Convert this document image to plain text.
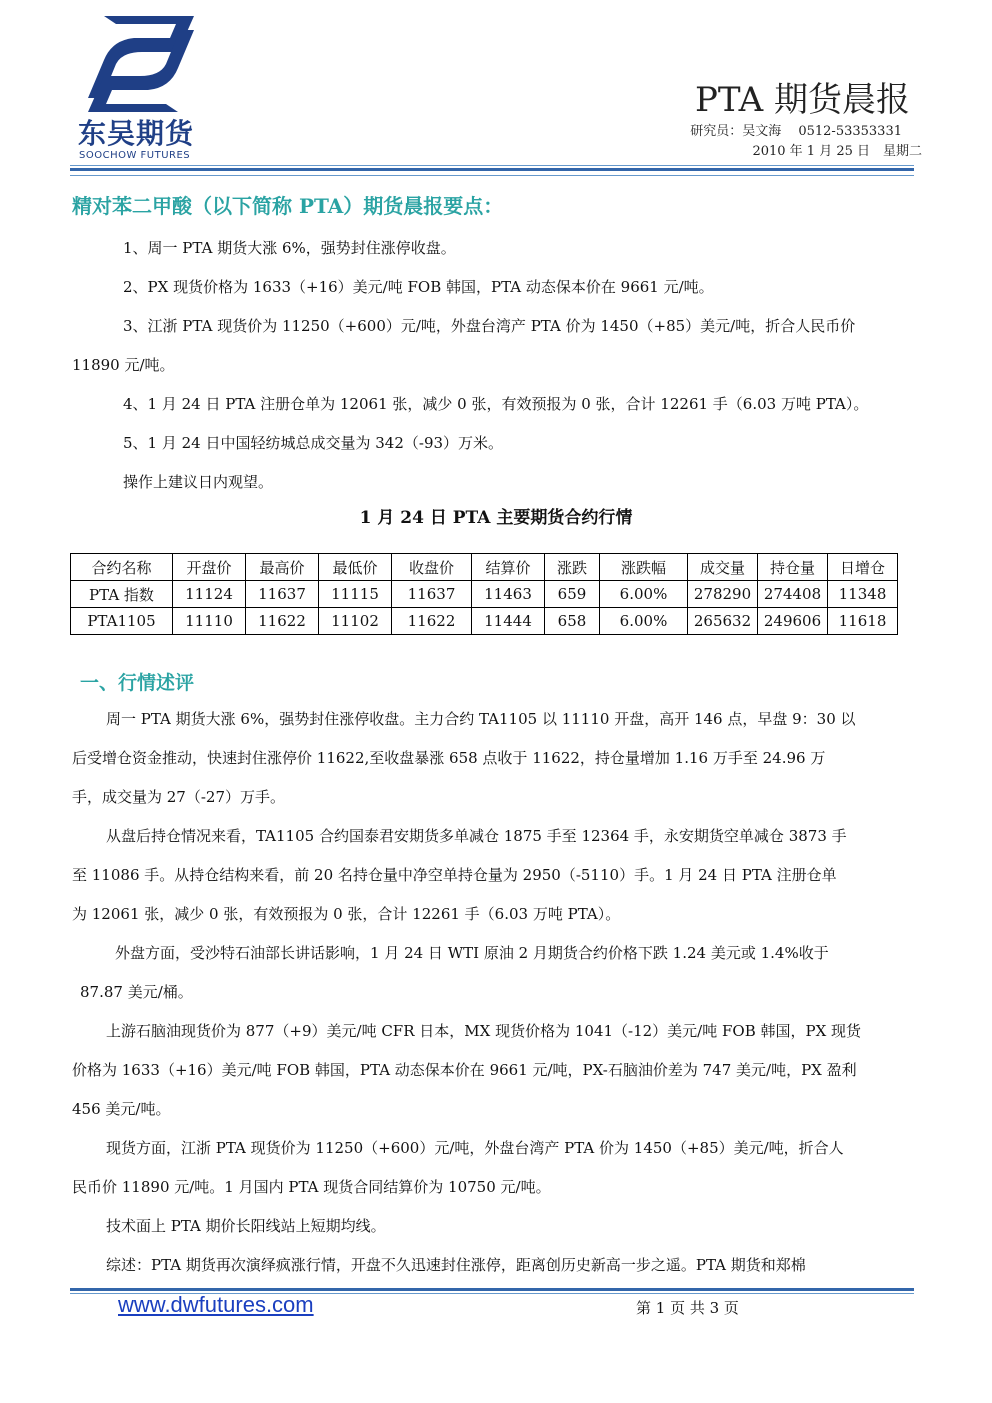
东吴期货
SOOCHOW FUTURES
PTA 期货晨报
研究员：吴文海　 0512-53353331
2010 年 1 月 25 日　星期二
精对苯二甲酸（以下简称 PTA）期货晨报要点：
1、周一 PTA 期货大涨 6%，强势封住涨停收盘。
2、PX 现货价格为 1633（+16）美元/吨 FOB 韩国，PTA 动态保本价在 9661 元/吨。
3、江浙 PTA 现货价为 11250（+600）元/吨，外盘台湾产 PTA 价为 1450（+85）美元/吨，折合人民币价
11890 元/吨。
4、1 月 24 日 PTA 注册仓单为 12061 张，减少 0 张，有效预报为 0 张，合计 12261 手（6.03 万吨 PTA）。
5、1 月 24 日中国轻纺城总成交量为 342（-93）万米。
操作上建议日内观望。
1 月 24 日 PTA 主要期货合约行情
合约名称	开盘价	最高价	最低价	收盘价	结算价	涨跌	涨跌幅	成交量	持仓量	日增仓
PTA 指数	11124	11637	11115	11637	11463	659	6.00%	278290	274408	11348
PTA1105	11110	11622	11102	11622	11444	658	6.00%	265632	249606	11618
一、行情述评
周一 PTA 期货大涨 6%，强势封住涨停收盘。主力合约 TA1105 以 11110 开盘，高开 146 点，早盘 9：30 以
后受增仓资金推动，快速封住涨停价 11622,至收盘暴涨 658 点收于 11622，持仓量增加 1.16 万手至 24.96 万
手，成交量为 27（-27）万手。
从盘后持仓情况来看，TA1105 合约国泰君安期货多单减仓 1875 手至 12364 手，永安期货空单减仓 3873 手
至 11086 手。从持仓结构来看，前 20 名持仓量中净空单持仓量为 2950（-5110）手。1 月 24 日 PTA 注册仓单
为 12061 张，减少 0 张，有效预报为 0 张，合计 12261 手（6.03 万吨 PTA）。
外盘方面，受沙特石油部长讲话影响，1 月 24 日 WTI 原油 2 月期货合约价格下跌 1.24 美元或 1.4%收于
87.87 美元/桶。
上游石脑油现货价为 877（+9）美元/吨 CFR 日本，MX 现货价格为 1041（-12）美元/吨 FOB 韩国，PX 现货
价格为 1633（+16）美元/吨 FOB 韩国，PTA 动态保本价在 9661 元/吨，PX-石脑油价差为 747 美元/吨，PX 盈利
456 美元/吨。
现货方面，江浙 PTA 现货价为 11250（+600）元/吨，外盘台湾产 PTA 价为 1450（+85）美元/吨，折合人
民币价 11890 元/吨。1 月国内 PTA 现货合同结算价为 10750 元/吨。
技术面上 PTA 期价长阳线站上短期均线。
综述：PTA 期货再次演绎疯涨行情，开盘不久迅速封住涨停，距离创历史新高一步之遥。PTA 期货和郑棉
www.dwfutures.com	第 1 页 共 3 页
